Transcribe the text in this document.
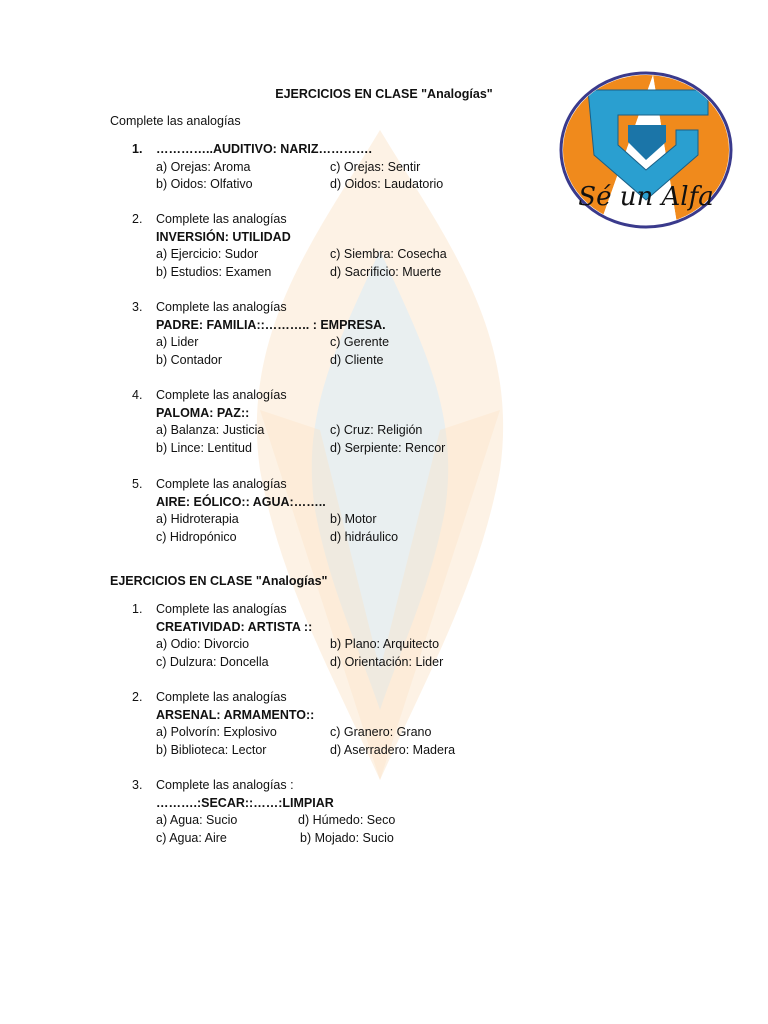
Sé un Alfa
EJERCICIOS EN CLASE "Analogías"
Complete las analogías
1. …………..AUDITIVO: NARIZ………….
a) Orejas: Aroma	c) Orejas: Sentir
b) Oidos: Olfativo	d) Oidos: Laudatorio
2. Complete las analogías
INVERSIÓN: UTILIDAD
a) Ejercicio: Sudor	c) Siembra: Cosecha
b) Estudios: Examen	d) Sacrificio: Muerte
3. Complete las analogías
PADRE: FAMILIA::……….. : EMPRESA.
a) Lider	c) Gerente
b) Contador	d) Cliente
4. Complete las analogías
PALOMA: PAZ::
a) Balanza: Justicia	c) Cruz: Religión
b) Lince: Lentitud	d) Serpiente: Rencor
5. Complete las analogías
AIRE: EÓLICO:: AGUA:……..
a) Hidroterapia	b) Motor
c) Hidropónico	d) hidráulico
EJERCICIOS EN CLASE "Analogías"
1. Complete las analogías
CREATIVIDAD: ARTISTA ::
a) Odio: Divorcio	b) Plano: Arquitecto
c) Dulzura: Doncella	d) Orientación: Lider
2. Complete las analogías
ARSENAL: ARMAMENTO::
a) Polvorín: Explosivo	c) Granero: Grano
b) Biblioteca: Lector	d) Aserradero: Madera
3. Complete las analogías :
……….:SECAR::……:LIMPIAR
a) Agua: Sucio	d) Húmedo: Seco
c) Agua: Aire	b) Mojado: Sucio
